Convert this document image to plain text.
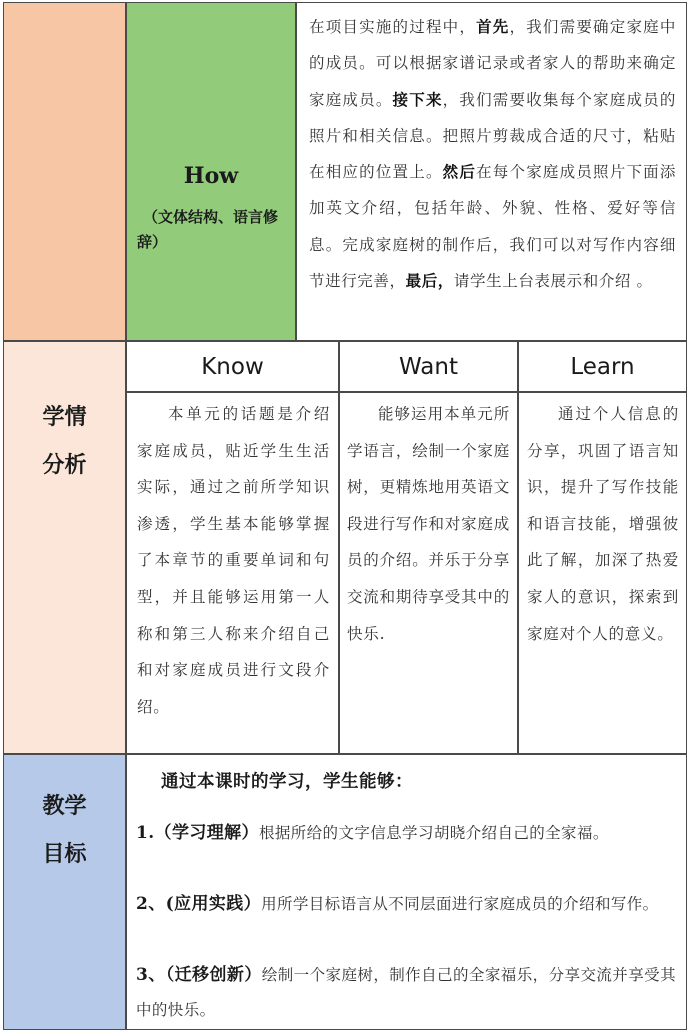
How
（文体结构、语言修辞）
在项目实施的过程中，首先，我们需要确定家庭中的成员。可以根据家谱记录或者家人的帮助来确定家庭成员。接下来，我们需要收集每个家庭成员的照片和相关信息。把照片剪裁成合适的尺寸，粘贴在相应的位置上。然后在每个家庭成员照片下面添加英文介绍，包括年龄、外貌、性格、爱好等信息。完成家庭树的制作后，我们可以对写作内容细节进行完善，最后，请学生上台表展示和介绍 。
学情
分析
Know	Want	Learn
本单元的话题是介绍家庭成员，贴近学生生活实际，通过之前所学知识渗透，学生基本能够掌握了本章节的重要单词和句型，并且能够运用第一人称和第三人称来介绍自己和对家庭成员进行文段介绍。
能够运用本单元所学语言，绘制一个家庭树，更精炼地用英语文段进行写作和对家庭成员的介绍。并乐于分享交流和期待享受其中的快乐.
通过个人信息的分享，巩固了语言知识，提升了写作技能和语言技能，增强彼此了解，加深了热爱家人的意识，探索到家庭对个人的意义。
教学
目标
通过本课时的学习，学生能够：
1.（学习理解）根据所给的文字信息学习胡晓介绍自己的全家福。
2、(应用实践）用所学目标语言从不同层面进行家庭成员的介绍和写作。
3、（迁移创新）绘制一个家庭树，制作自己的全家福乐，分享交流并享受其中的快乐。
